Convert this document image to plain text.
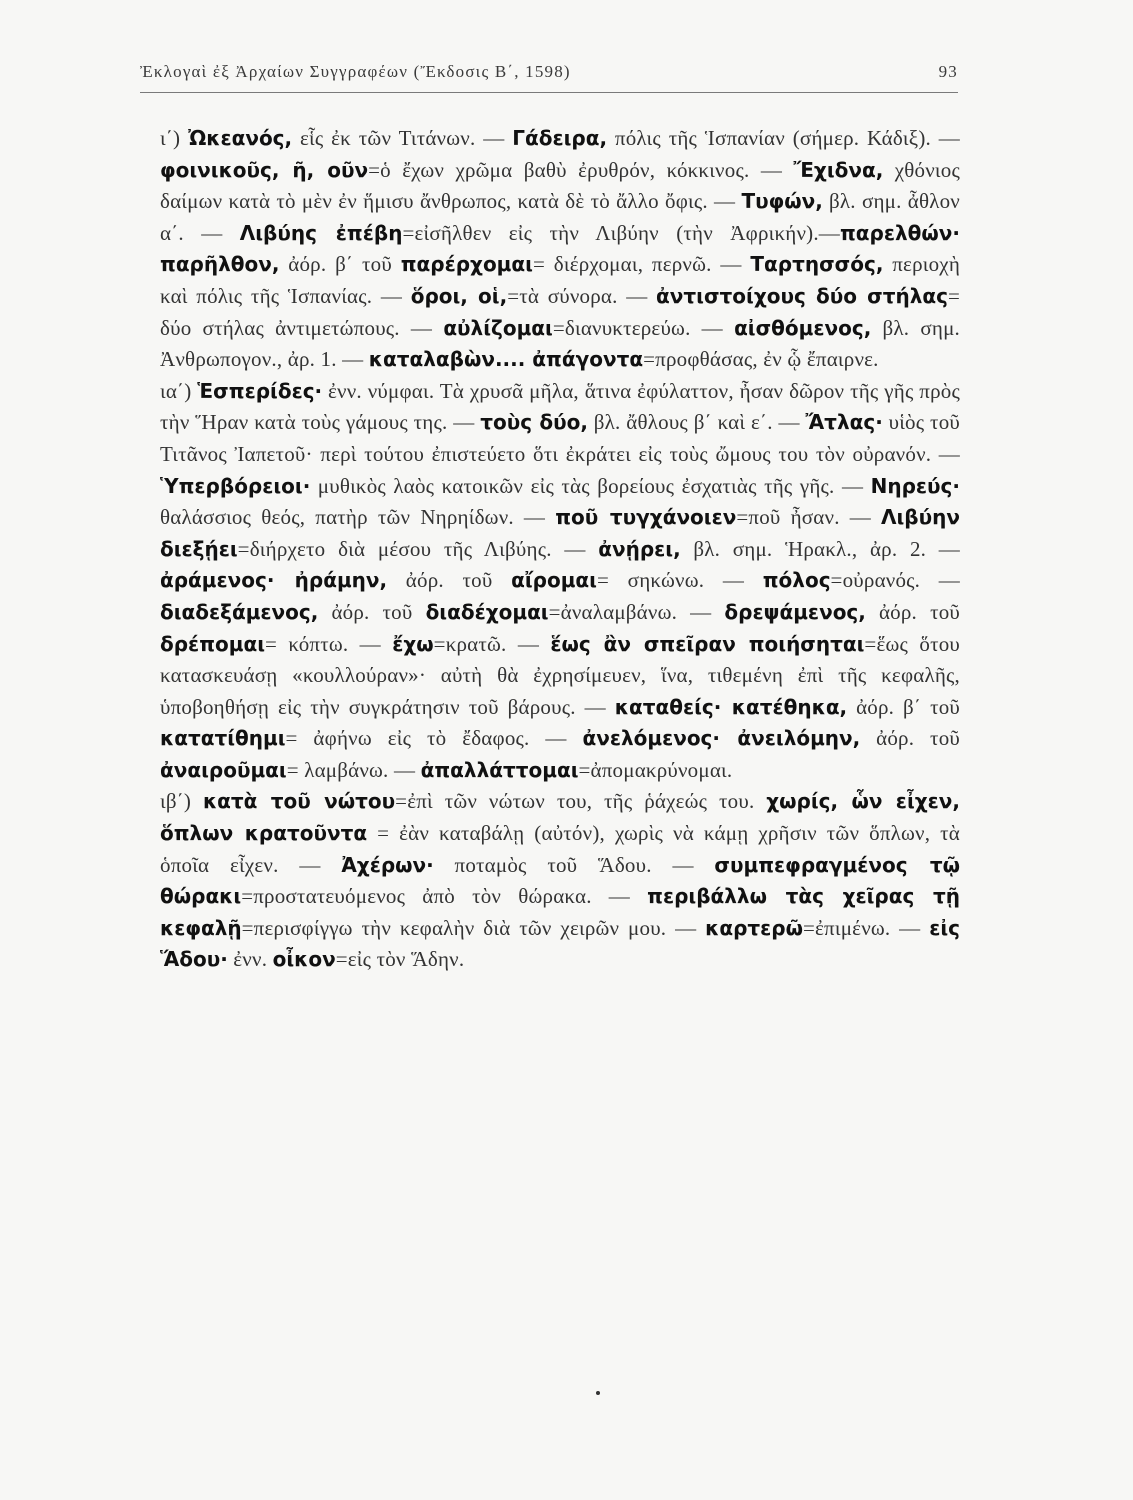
Ἐκλογαὶ ἐξ Ἀρχαίων Συγγραφέων (Ἔκδοσις Β΄, 1598)	93

ι΄) Ὠκεανός, εἷς ἐκ τῶν Τιτάνων. — Γάδειρα, πόλις τῆς Ἱσπανίαν (σήμερ. Κάδιξ). — φοινικοῦς, ῆ, οῦν=ὁ ἔχων χρῶμα βαθὺ ἐρυθρόν, κόκκινος. — Ἔχιδνα, χθόνιος δαίμων κατὰ τὸ μὲν ἐν ἥμισυ ἄνθρωπος, κατὰ δὲ τὸ ἄλλο ὄφις. — Τυφών, βλ. σημ. ἆθλον α΄. — Λιβύης ἐπέβη=εἰσῆλθεν εἰς τὴν Λιβύην (τὴν Ἀφρικήν).—παρελθών· παρῆλθον, ἀόρ. β΄ τοῦ παρέρχομαι= διέρχομαι, περνῶ. — Ταρτησσός, περιοχὴ καὶ πόλις τῆς Ἱσπανίας. — ὅροι, οἱ,=τὰ σύνορα. — ἀντιστοίχους δύο στήλας= δύο στήλας ἀντιμετώπους. — αὐλίζομαι=διανυκτερεύω. — αἰσθόμενος, βλ. σημ. Ἀνθρωπογον., ἀρ. 1. — καταλαβὼν.... ἀπάγοντα=προφθάσας, ἐν ᾧ ἔπαιρνε.

ια΄) Ἑσπερίδες· ἐνν. νύμφαι. Τὰ χρυσᾶ μῆλα, ἅτινα ἐφύλαττον, ἦσαν δῶρον τῆς γῆς πρὸς τὴν Ἥραν κατὰ τοὺς γάμους της. — τοὺς δύο, βλ. ἄθλους β΄ καὶ ε΄. — Ἄτλας· υἱὸς τοῦ Τιτᾶνος Ἰαπετοῦ· περὶ τούτου ἐπιστεύετο ὅτι ἐκράτει εἰς τοὺς ὤμους του τὸν οὐρανόν. — Ὑπερβόρειοι· μυθικὸς λαὸς κατοικῶν εἰς τὰς βορείους ἐσχατιὰς τῆς γῆς. — Νηρεύς· θαλάσσιος θεός, πατὴρ τῶν Νηρηίδων. — ποῦ τυγχάνοιεν=ποῦ ἦσαν. — Λιβύην διεξῄει=διήρχετο διὰ μέσου τῆς Λιβύης. — ἀνῄρει, βλ. σημ. Ἡρακλ., ἀρ. 2. — ἀράμενος· ἠράμην, ἀόρ. τοῦ αἴρομαι= σηκώνω. — πόλος=οὐρανός. — διαδεξάμενος, ἀόρ. τοῦ διαδέχομαι=ἀναλαμβάνω. — δρεψάμενος, ἀόρ. τοῦ δρέπομαι= κόπτω. — ἔχω=κρατῶ. — ἕως ἂν σπεῖραν ποιήσηται=ἕως ὅτου κατασκευάσῃ «κουλλούραν»· αὐτὴ θὰ ἐχρησίμευεν, ἵνα, τιθεμένη ἐπὶ τῆς κεφαλῆς, ὑποβοηθήσῃ εἰς τὴν συγκράτησιν τοῦ βάρους. — καταθείς· κατέθηκα, ἀόρ. β΄ τοῦ κατατίθημι= ἀφήνω εἰς τὸ ἔδαφος. — ἀνελόμενος· ἀνειλόμην, ἀόρ. τοῦ ἀναιροῦμαι= λαμβάνω. — ἀπαλλάττομαι=ἀπομακρύνομαι.

ιβ΄) κατὰ τοῦ νώτου=ἐπὶ τῶν νώτων του, τῆς ῥάχεώς του. χωρίς, ὧν εἶχεν, ὅπλων κρατοῦντα = ἐὰν καταβάλῃ (αὐτόν), χωρὶς νὰ κάμῃ χρῆσιν τῶν ὅπλων, τὰ ὁποῖα εἶχεν. — Ἀχέρων· ποταμὸς τοῦ Ἅδου. — συμπεφραγμένος τῷ θώρακι=προστατευόμενος ἀπὸ τὸν θώρακα. — περιβάλλω τὰς χεῖρας τῇ κεφαλῇ=περισφίγγω τὴν κεφαλὴν διὰ τῶν χειρῶν μου. — καρτερῶ=ἐπιμένω. — εἰς Ἅδου· ἐνν. οἶκον=εἰς τὸν Ἅδην.
